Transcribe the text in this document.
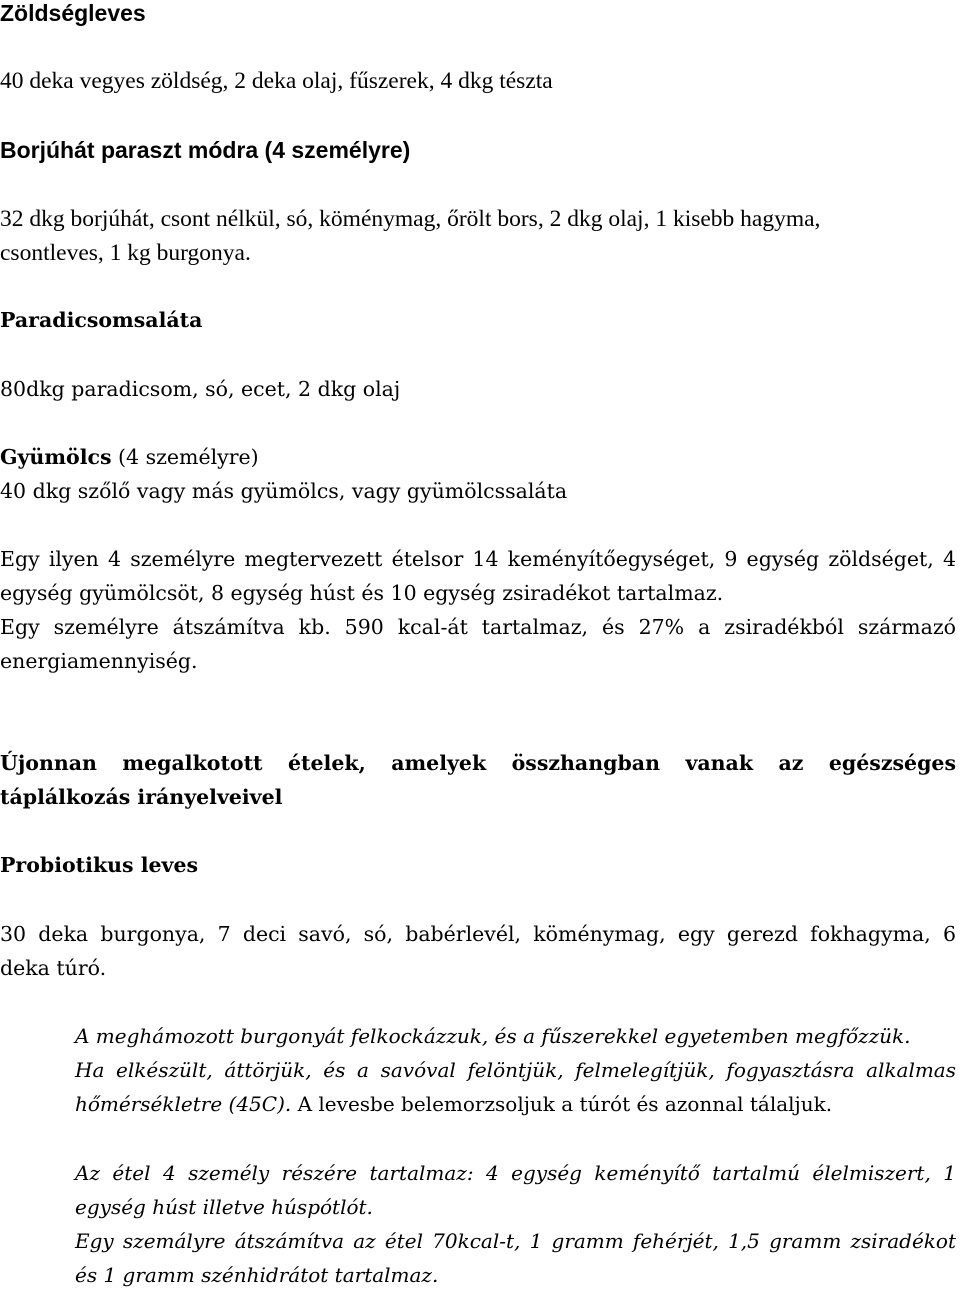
Zöldségleves
40 deka vegyes zöldség, 2 deka olaj, fűszerek, 4 dkg tészta
Borjúhát paraszt módra (4 személyre)
32 dkg borjúhát, csont nélkül, só, köménymag, őrölt bors, 2 dkg olaj, 1 kisebb hagyma,
csontleves, 1 kg burgonya.
Paradicsomsaláta
80dkg paradicsom, só, ecet, 2 dkg olaj
Gyümölcs (4 személyre)
40 dkg szőlő vagy más gyümölcs, vagy gyümölcssaláta
Egy ilyen 4 személyre megtervezett ételsor 14 keményítőegységet, 9 egység zöldséget, 4
egység gyümölcsöt, 8 egység húst és 10 egység zsiradékot tartalmaz.
Egy személyre átszámítva kb. 590 kcal-át tartalmaz, és 27% a zsiradékból származó
energiamennyiség.
Újonnan megalkotott ételek, amelyek összhangban vanak az egészséges
táplálkozás irányelveivel
Probiotikus leves
30 deka burgonya, 7 deci savó, só, babérlevél, köménymag, egy gerezd fokhagyma, 6
deka túró.
A meghámozott burgonyát felkockázzuk, és a fűszerekkel egyetemben megfőzzük.
Ha elkészült, áttörjük, és a savóval felöntjük, felmelegítjük, fogyasztásra alkalmas
hőmérsékletre (45C). A levesbe belemorzsoljuk a túrót és azonnal tálaljuk.
Az étel 4 személy részére tartalmaz: 4 egység keményítő tartalmú élelmiszert, 1
egység húst illetve húspótlót.
Egy szemályre átszámítva az étel 70kcal-t, 1 gramm fehérjét, 1,5 gramm zsiradékot
és 1 gramm szénhidrátot tartalmaz.
